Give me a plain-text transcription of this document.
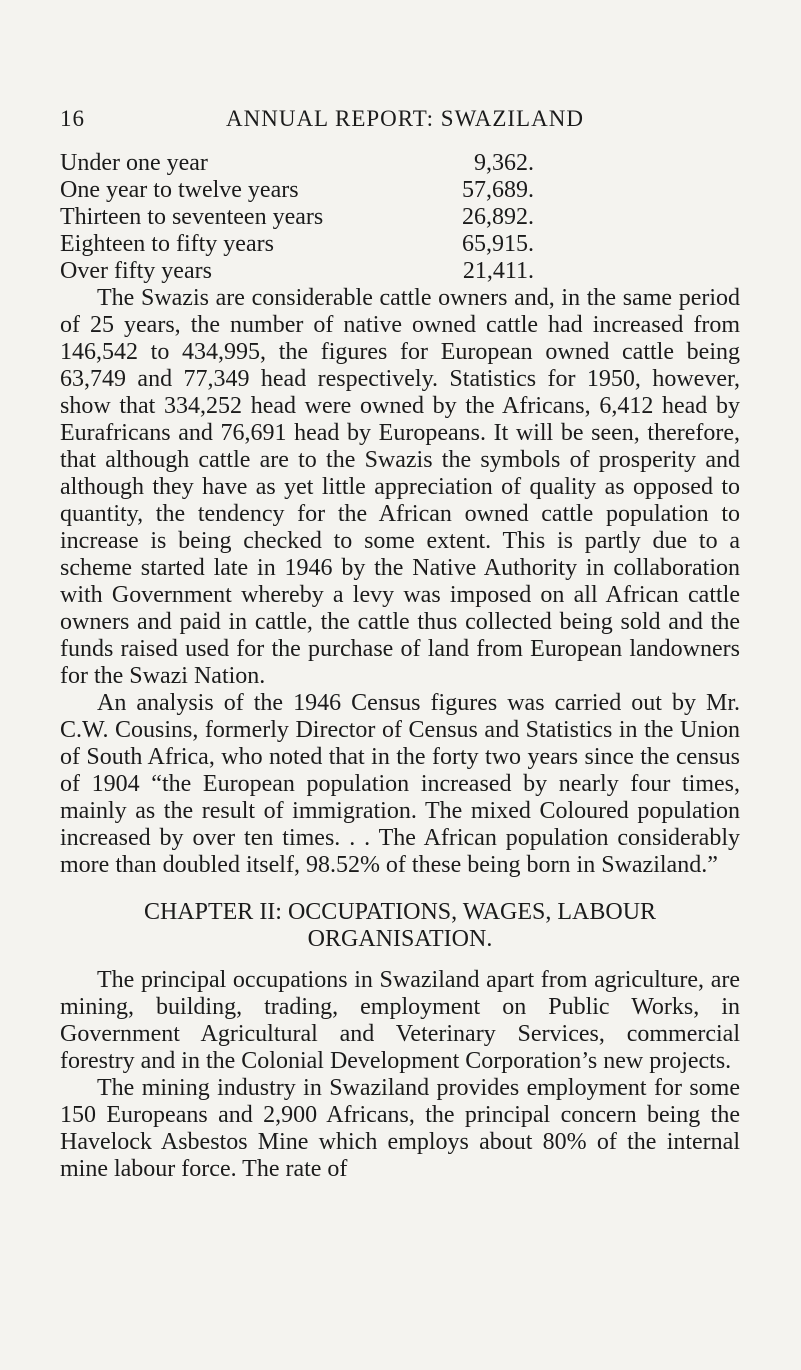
16	ANNUAL REPORT: SWAZILAND
Under one year	9,362.
One year to twelve years	57,689.
Thirteen to seventeen years	26,892.
Eighteen to fifty years	65,915.
Over fifty years	21,411.

The Swazis are considerable cattle owners and, in the same period of 25 years, the number of native owned cattle had increased from 146,542 to 434,995, the figures for European owned cattle being 63,749 and 77,349 head respectively. Statistics for 1950, however, show that 334,252 head were owned by the Africans, 6,412 head by Eurafricans and 76,691 head by Europeans. It will be seen, therefore, that although cattle are to the Swazis the symbols of prosperity and although they have as yet little appreciation of quality as opposed to quantity, the tendency for the African owned cattle population to increase is being checked to some extent. This is partly due to a scheme started late in 1946 by the Native Authority in collaboration with Government whereby a levy was imposed on all African cattle owners and paid in cattle, the cattle thus collected being sold and the funds raised used for the purchase of land from European landowners for the Swazi Nation.

An analysis of the 1946 Census figures was carried out by Mr. C.W. Cousins, formerly Director of Census and Statistics in the Union of South Africa, who noted that in the forty two years since the census of 1904 “the European population increased by nearly four times, mainly as the result of immigration. The mixed Coloured population increased by over ten times. . . The African population considerably more than doubled itself, 98.52% of these being born in Swaziland.”

CHAPTER II: OCCUPATIONS, WAGES, LABOUR
ORGANISATION.

The principal occupations in Swaziland apart from agriculture, are mining, building, trading, employment on Public Works, in Government Agricultural and Veterinary Services, commercial forestry and in the Colonial Development Corporation’s new projects.

The mining industry in Swaziland provides employment for some 150 Europeans and 2,900 Africans, the principal concern being the Havelock Asbestos Mine which employs about 80% of the internal mine labour force. The rate of
